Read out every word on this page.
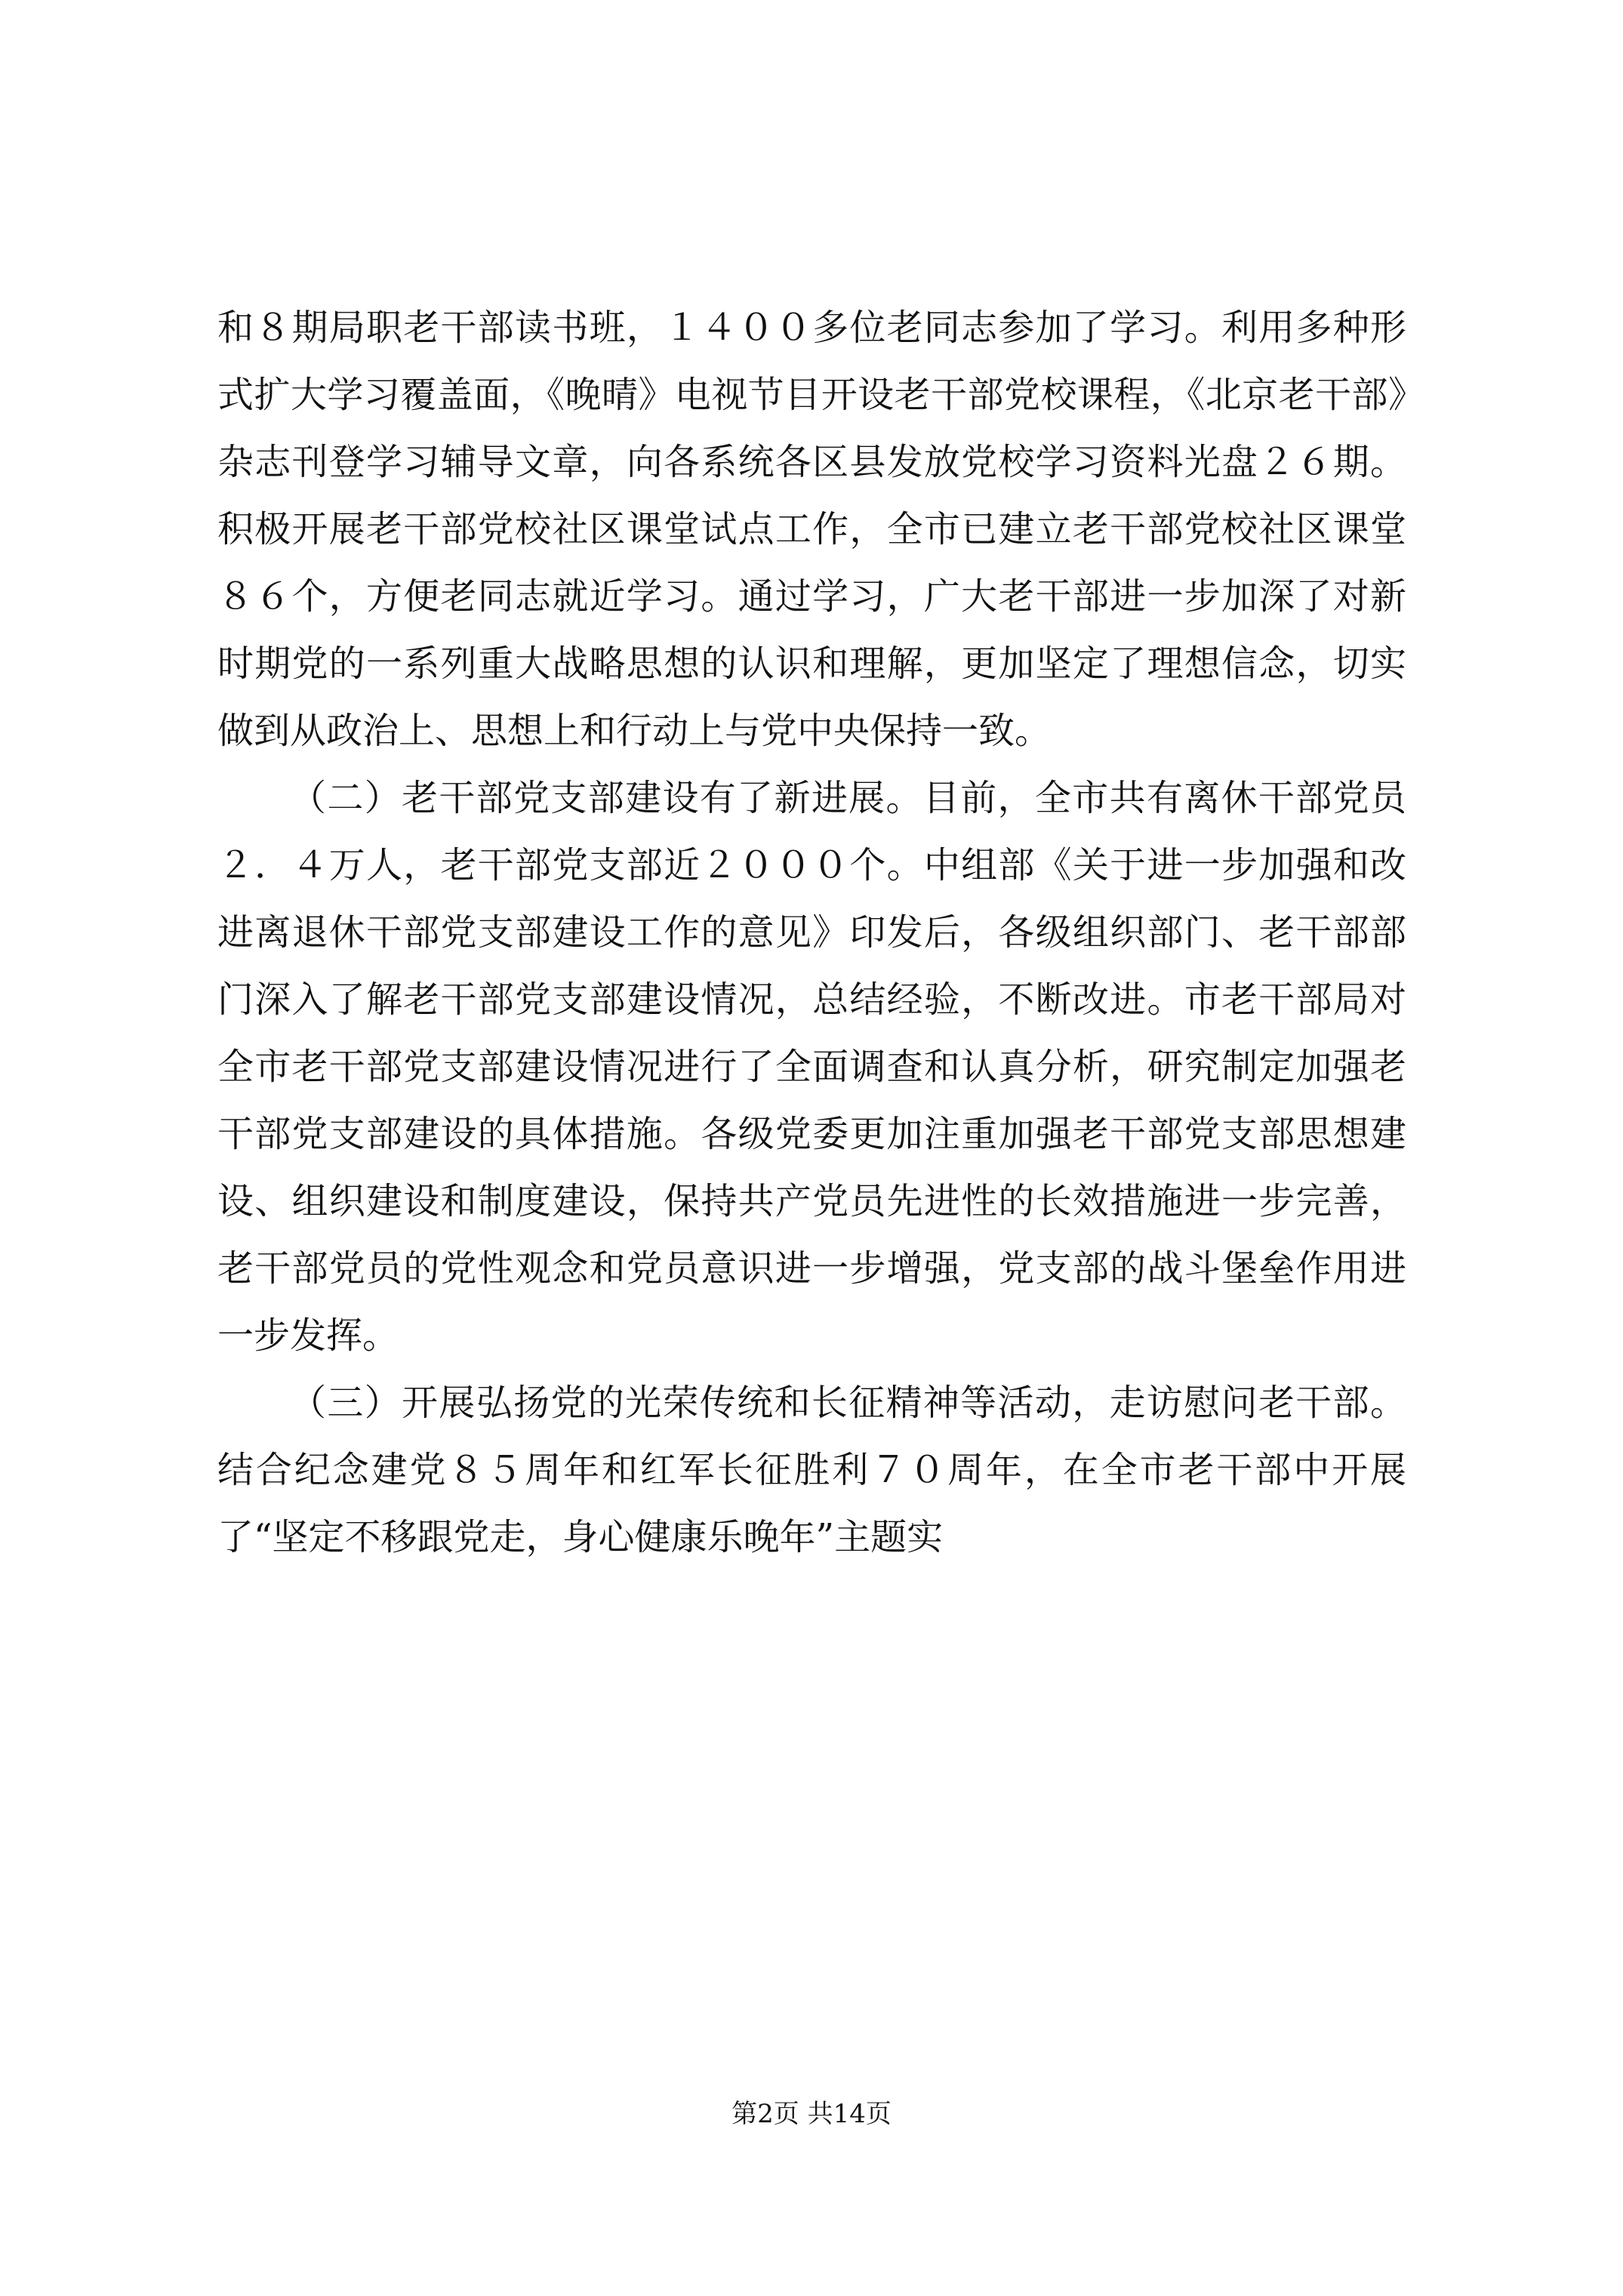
和８期局职老干部读书班，１４００多位老同志参加了学习。利用多种形式扩大学习覆盖面，《晚晴》电视节目开设老干部党校课程，《北京老干部》杂志刊登学习辅导文章，向各系统各区县发放党校学习资料光盘２６期。积极开展老干部党校社区课堂试点工作，全市已建立老干部党校社区课堂８６个，方便老同志就近学习。通过学习，广大老干部进一步加深了对新时期党的一系列重大战略思想的认识和理解，更加坚定了理想信念，切实做到从政治上、思想上和行动上与党中央保持一致。

（二）老干部党支部建设有了新进展。目前，全市共有离休干部党员２．４万人，老干部党支部近２０００个。中组部《关于进一步加强和改进离退休干部党支部建设工作的意见》印发后，各级组织部门、老干部部门深入了解老干部党支部建设情况，总结经验，不断改进。市老干部局对全市老干部党支部建设情况进行了全面调查和认真分析，研究制定加强老干部党支部建设的具体措施。各级党委更加注重加强老干部党支部思想建设、组织建设和制度建设，保持共产党员先进性的长效措施进一步完善，老干部党员的党性观念和党员意识进一步增强，党支部的战斗堡垒作用进一步发挥。

（三）开展弘扬党的光荣传统和长征精神等活动，走访慰问老干部。结合纪念建党８５周年和红军长征胜利７０周年，在全市老干部中开展了“坚定不移跟党走，身心健康乐晚年”主题实

第2页 共14页
